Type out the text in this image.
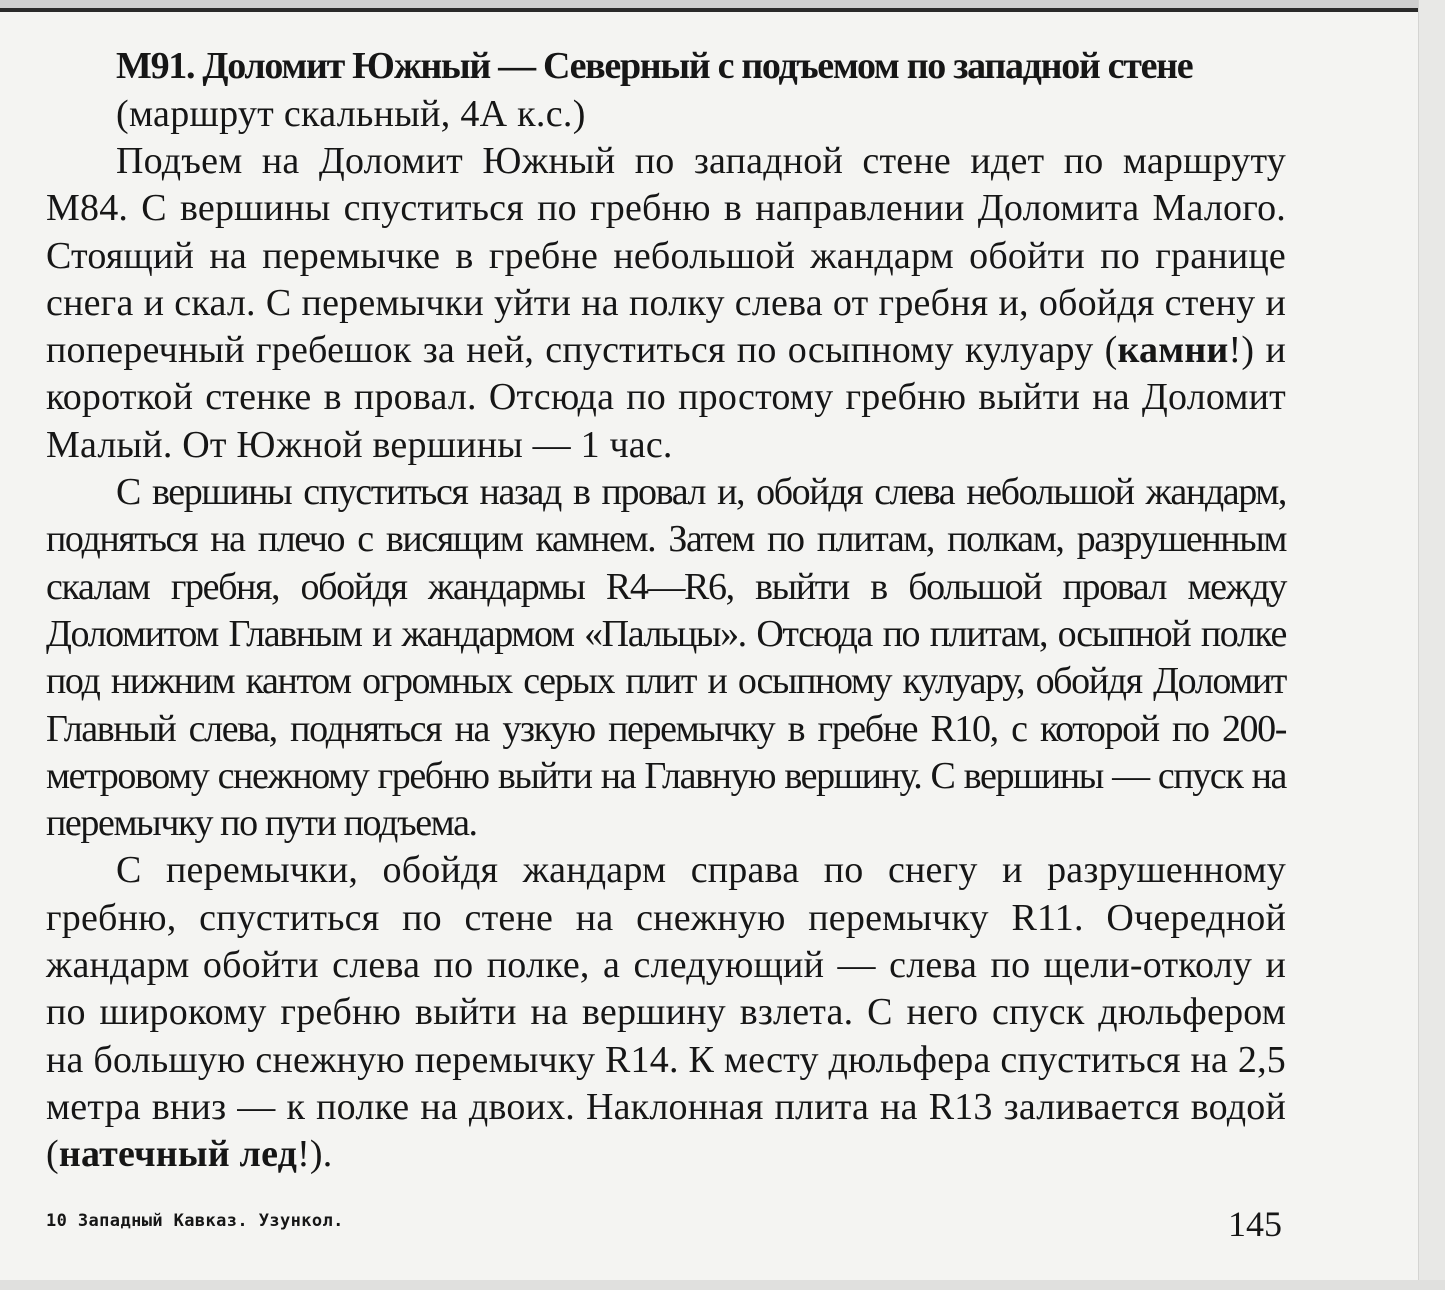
М91. Доломит Южный — Северный с подъемом по западной стене

(маршрут скальный, 4А к.с.)

Подъем на Доломит Южный по западной стене идет по маршруту М84. С вершины спуститься по гребню в направлении Доломита Малого. Стоящий на перемычке в гребне небольшой жандарм обойти по границе снега и скал. С перемычки уйти на полку слева от гребня и, обойдя стену и поперечный гребешок за ней, спуститься по осыпному кулуару (камни!) и короткой стенке в провал. Отсюда по простому гребню выйти на Доломит Малый. От Южной вершины — 1 час.

С вершины спуститься назад в провал и, обойдя слева небольшой жандарм, подняться на плечо с висящим камнем. Затем по плитам, полкам, разрушенным скалам гребня, обойдя жандармы R4—R6, выйти в большой провал между Доломитом Главным и жандармом «Пальцы». Отсюда по плитам, осыпной полке под нижним кантом огромных серых плит и осыпному кулуару, обойдя Доломит Главный слева, подняться на узкую перемычку в гребне R10, с которой по 200-метровому снежному гребню выйти на Главную вершину. С вершины — спуск на перемычку по пути подъема.

С перемычки, обойдя жандарм справа по снегу и разрушенному гребню, спуститься по стене на снежную перемычку R11. Очередной жандарм обойти слева по полке, а следующий — слева по щели-отколу и по широкому гребню выйти на вершину взлета. С него спуск дюльфером на большую снежную перемычку R14. К месту дюльфера спуститься на 2,5 метра вниз — к полке на двоих. Наклонная плита на R13 заливается водой (натечный лед!).

10 Западный Кавказ. Узункол.	145
